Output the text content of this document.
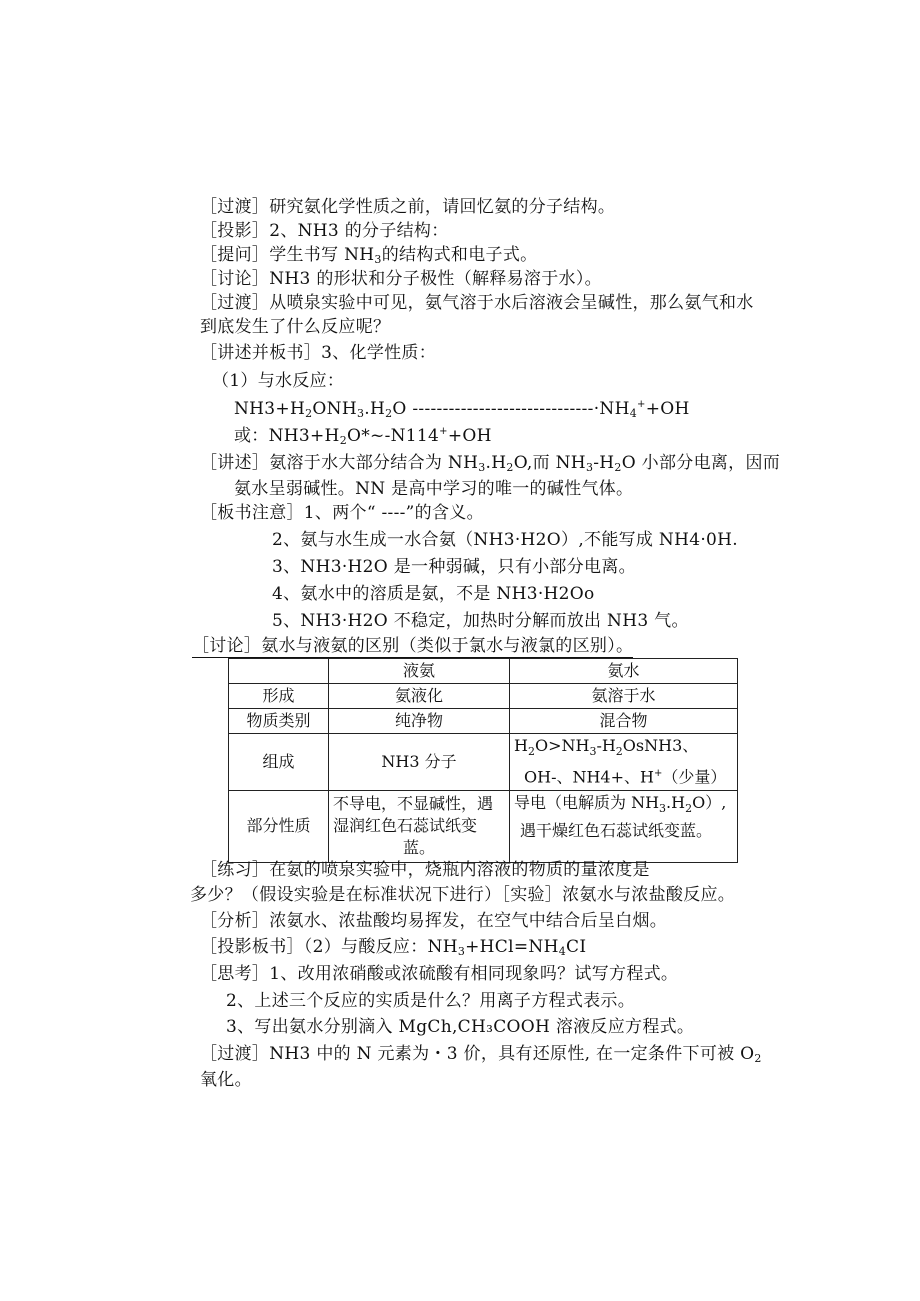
［过渡］研究氨化学性质之前，请回忆氨的分子结构。
［投影］2、NH3 的分子结构：
［提问］学生书写 $NH_3$的结构式和电子式。
［讨论］NH3 的形状和分子极性（解释易溶于水）。
［过渡］从喷泉实验中可见，氨气溶于水后溶液会呈碱性，那么氨气和水
到底发生了什么反应呢？
［讲述并板书］3、化学性质：
（1）与水反应：
$NH3+H_2ONH_3.H_2O$ $------------------------------\cdot NH_4^++OH$
或：$NH3+H_2O*\sim-N114^++OH$
［讲述］氨溶于水大部分结合为 $NH_3.H_2O$,而 $NH_3-H_2O$ 小部分电离，因而
氨水呈弱碱性。NN 是高中学习的唯一的碱性气体。
［板书注意］1、两个“ ----”的含义。
2、氨与水生成一水合氨（NH3·H2O）,不能写成 NH4·0H.
3、NH3·H2O 是一种弱碱，只有小部分电离。
4、氨水中的溶质是氨，不是 NH3·H2Oo
5、NH3·H2O 不稳定，加热时分解而放出 NH3 气。
［讨论］氨水与液氨的区别（类似于氯水与液氯的区别）。
	液氨	氨水
形成	氨液化	氨溶于水
物质类别	纯净物	混合物
组成	NH3 分子	$H_2O>NH_3-H_2OsNH3$、
OH-、NH4+、H+（少量）

部分性质	不导电，不显碱性，遇
湿润红色石蕊试纸变
蓝。	导电（电解质为 $NH_3.H_2O$）,
遇干燥红色石蕊试纸变蓝。
［练习］在氨的喷泉实验中，烧瓶内溶液的物质的量浓度是
多少？（假设实验是在标准状况下进行）［实验］浓氨水与浓盐酸反应。
［分析］浓氨水、浓盐酸均易挥发，在空气中结合后呈白烟。
［投影板书］（2）与酸反应：$NH_3+HCl=NH_4CI$
［思考］1、改用浓硝酸或浓硫酸有相同现象吗？试写方程式。
2、上述三个反应的实质是什么？用离子方程式表示。
3、写出氨水分别滴入 MgCh,CH₃COOH 溶液反应方程式。
［过渡］NH3 中的 N 元素为・3 价，具有还原性, 在一定条件下可被 $O_2$
氧化。
